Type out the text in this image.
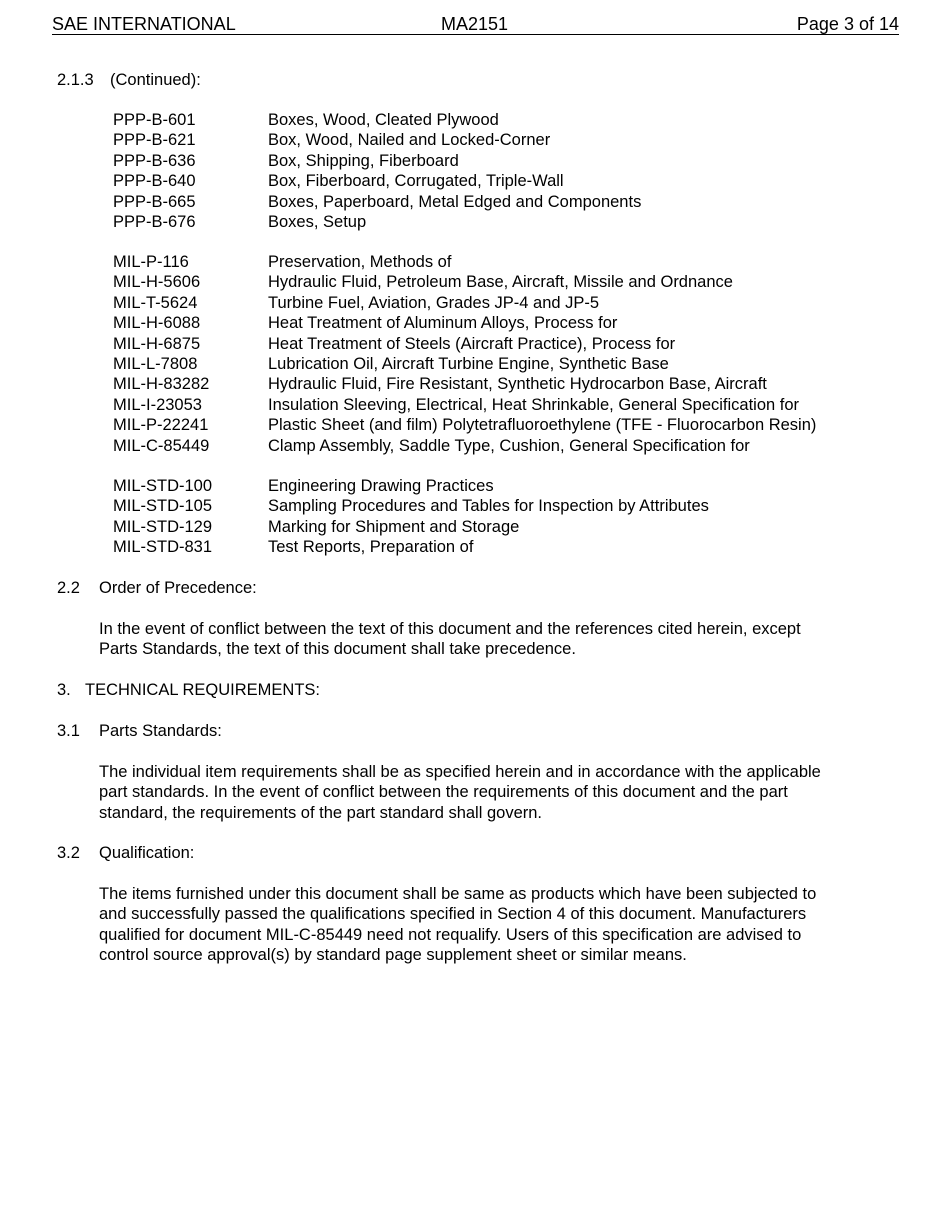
SAE INTERNATIONAL	MA2151	Page 3 of 14
2.1.3 (Continued):
PPP-B-601	Boxes, Wood, Cleated Plywood
PPP-B-621	Box, Wood, Nailed and Locked-Corner
PPP-B-636	Box, Shipping, Fiberboard
PPP-B-640	Box, Fiberboard, Corrugated, Triple-Wall
PPP-B-665	Boxes, Paperboard, Metal Edged and Components
PPP-B-676	Boxes, Setup
MIL-P-116	Preservation, Methods of
MIL-H-5606	Hydraulic Fluid, Petroleum Base, Aircraft, Missile and Ordnance
MIL-T-5624	Turbine Fuel, Aviation, Grades JP-4 and JP-5
MIL-H-6088	Heat Treatment of Aluminum Alloys, Process for
MIL-H-6875	Heat Treatment of Steels (Aircraft Practice), Process for
MIL-L-7808	Lubrication Oil, Aircraft Turbine Engine, Synthetic Base
MIL-H-83282	Hydraulic Fluid, Fire Resistant, Synthetic Hydrocarbon Base, Aircraft
MIL-I-23053	Insulation Sleeving, Electrical, Heat Shrinkable, General Specification for
MIL-P-22241	Plastic Sheet (and film) Polytetrafluoroethylene (TFE - Fluorocarbon Resin)
MIL-C-85449	Clamp Assembly, Saddle Type, Cushion, General Specification for
MIL-STD-100	Engineering Drawing Practices
MIL-STD-105	Sampling Procedures and Tables for Inspection by Attributes
MIL-STD-129	Marking for Shipment and Storage
MIL-STD-831	Test Reports, Preparation of
2.2 Order of Precedence:
In the event of conflict between the text of this document and the references cited herein, except
Parts Standards, the text of this document shall take precedence.
3. TECHNICAL REQUIREMENTS:
3.1 Parts Standards:
The individual item requirements shall be as specified herein and in accordance with the applicable
part standards. In the event of conflict between the requirements of this document and the part
standard, the requirements of the part standard shall govern.
3.2 Qualification:
The items furnished under this document shall be same as products which have been subjected to
and successfully passed the qualifications specified in Section 4 of this document. Manufacturers
qualified for document MIL-C-85449 need not requalify. Users of this specification are advised to
control source approval(s) by standard page supplement sheet or similar means.
